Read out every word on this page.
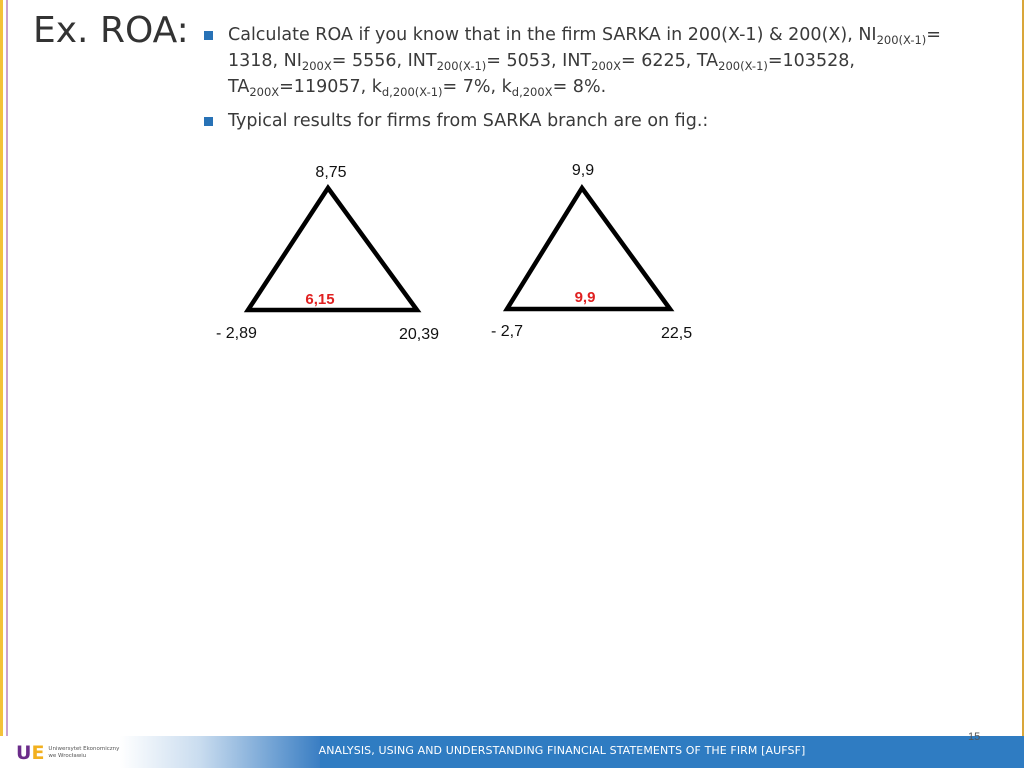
Ex. ROA:	Calculate ROA if you know that in the firm SARKA in 200(X-1) & 200(X), $NI_{200(X-1)}= 1318$, $NI_{200X}= 5556$, $INT_{200(X-1)}= 5053$, $INT_{200X}= 6225$, $TA_{200(X-1)}=103528$, $TA_{200X}=119057$, $k_{d,200(X-1)}= 7\%$, $k_{d,200X}= 8\%$.
Typical results for firms from SARKA branch are on fig.:
8,75
6,15
- 2,89	20,39
9,9
9,9
- 2,7	22,5
ANALYSIS, USING AND UNDERSTANDING FINANCIAL STATEMENTS OF THE FIRM [AUFSF]
UE Uniwersytet Ekonomiczny
we Wrocławiu
15
